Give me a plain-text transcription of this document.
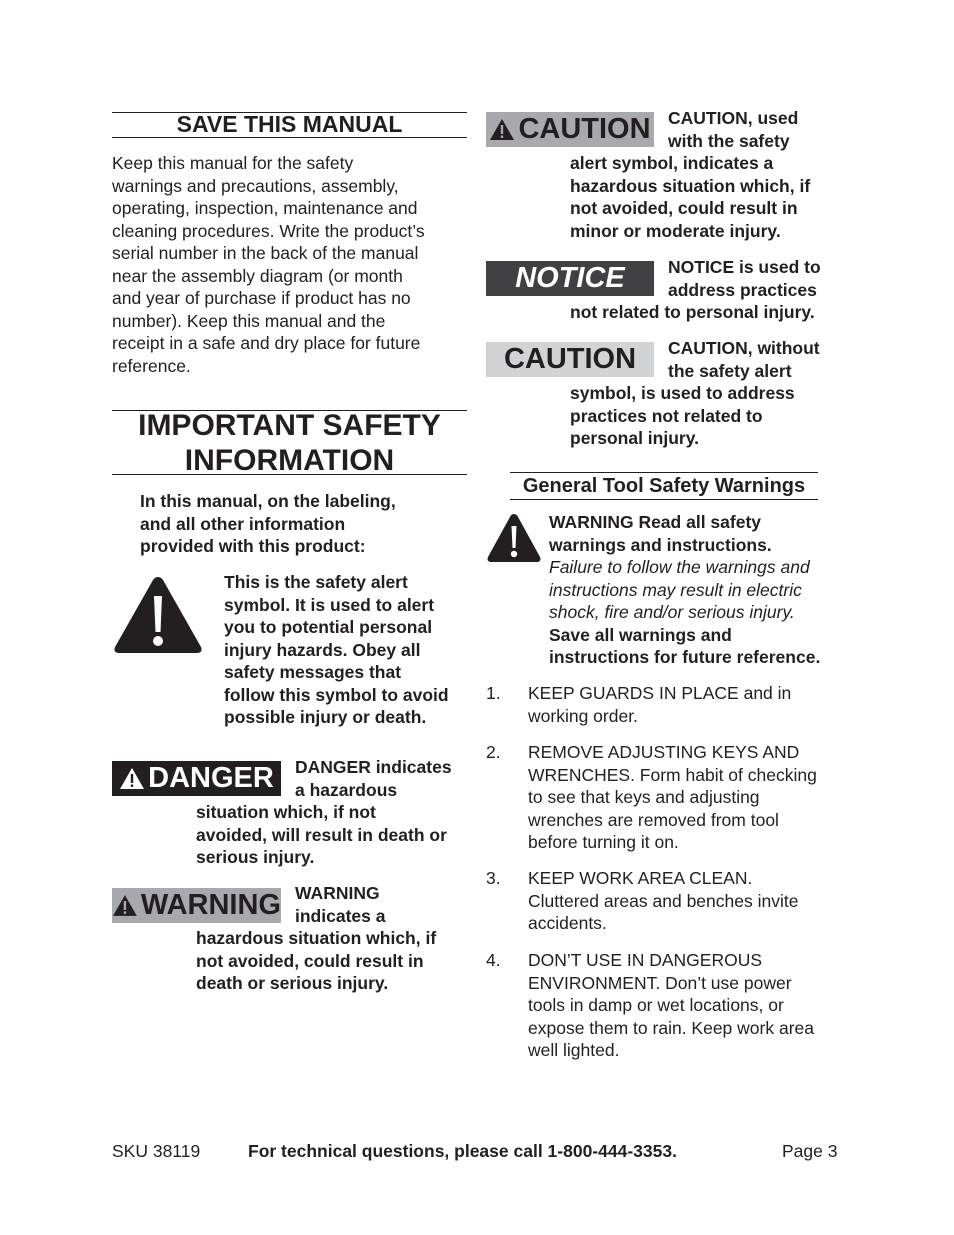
SAVE THIS MANUAL
Keep this manual for the safety
warnings and precautions, assembly,
operating, inspection, maintenance and
cleaning procedures. Write the product’s
serial number in the back of the manual
near the assembly diagram (or month
and year of purchase if product has no
number). Keep this manual and the
receipt in a safe and dry place for future
reference.
IMPORTANT SAFETY
INFORMATION
In this manual, on the labeling,
and all other information
provided with this product:
This is the safety alert
symbol. It is used to alert
you to potential personal
injury hazards. Obey all
safety messages that
follow this symbol to avoid
possible injury or death.
DANGER DANGER indicates
a hazardous
situation which, if not
avoided, will result in death or
serious injury.
WARNING WARNING
indicates a
hazardous situation which, if
not avoided, could result in
death or serious injury.
CAUTION CAUTION, used
with the safety
alert symbol, indicates a
hazardous situation which, if
not avoided, could result in
minor or moderate injury.
NOTICE NOTICE is used to
address practices
not related to personal injury.
CAUTION CAUTION, without
the safety alert
symbol, is used to address
practices not related to
personal injury.
General Tool Safety Warnings
WARNING Read all safety
warnings and instructions.
Failure to follow the warnings and
instructions may result in electric
shock, fire and/or serious injury.
Save all warnings and
instructions for future reference.
1.	KEEP GUARDS IN PLACE and in
working order.
2.	REMOVE ADJUSTING KEYS AND
WRENCHES. Form habit of checking
to see that keys and adjusting
wrenches are removed from tool
before turning it on.
3.	KEEP WORK AREA CLEAN.
Cluttered areas and benches invite
accidents.
4.	DON’T USE IN DANGEROUS
ENVIRONMENT. Don’t use power
tools in damp or wet locations, or
expose them to rain. Keep work area
well lighted.
SKU 38119	For technical questions, please call 1-800-444-3353.	Page 3
